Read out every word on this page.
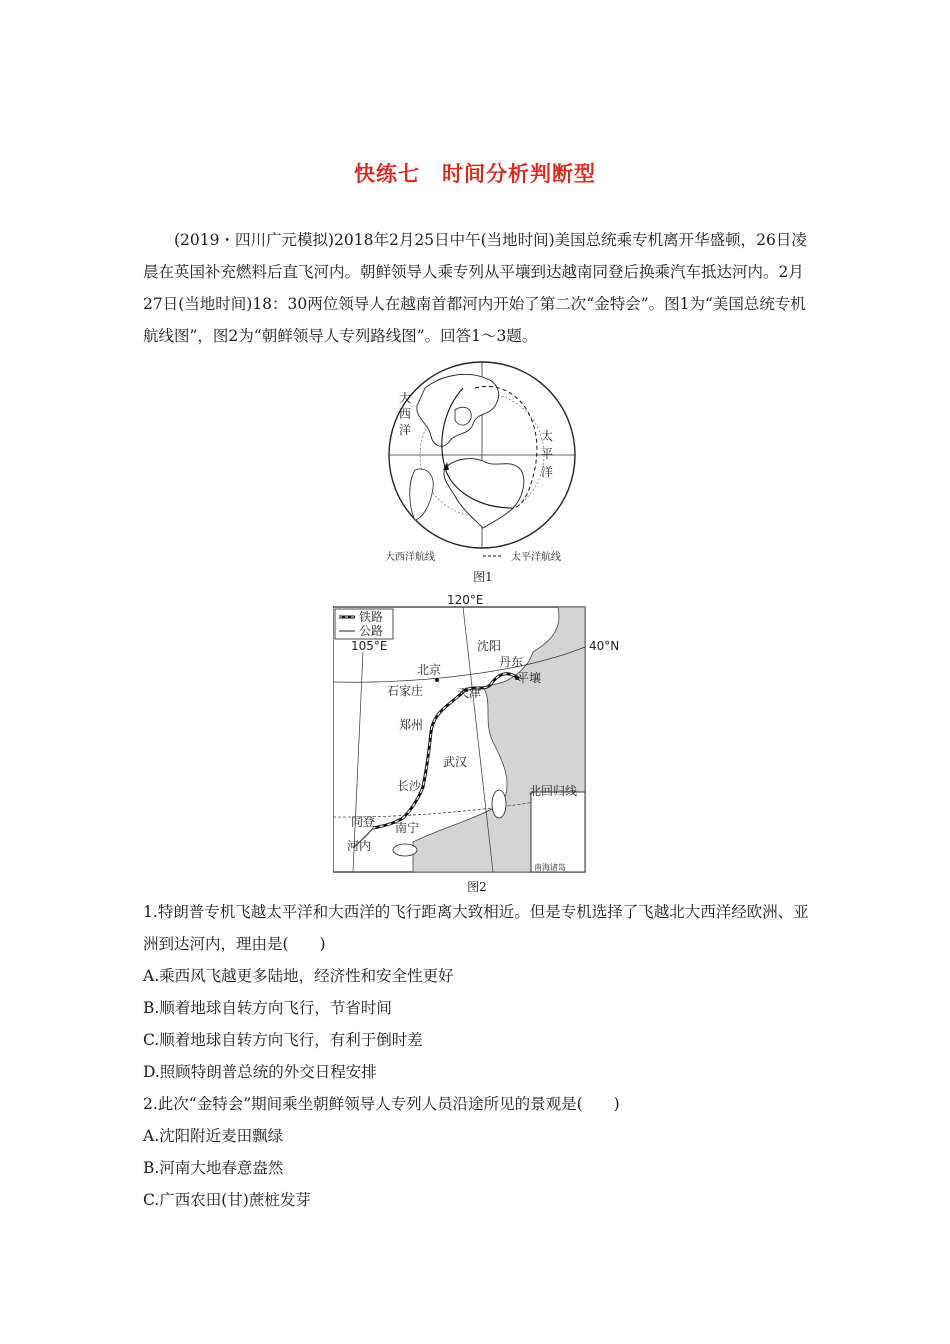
快练七　时间分析判断型
(2019・四川广元模拟)2018年2月25日中午(当地时间)美国总统乘专机离开华盛顿，26日凌晨在英国补充燃料后直飞河内。朝鲜领导人乘专列从平壤到达越南同登后换乘汽车抵达河内。2月27日(当地时间)18：30两位领导人在越南首都河内开始了第二次“金特会”。图1为“美国总统专机航线图”，图2为“朝鲜领导人专列路线图”。回答1～3题。
大
西
洋	太
平
洋
大西洋航线	太平洋航线
图1
南海诸岛
铁路
公路
120°E
105°E	40°N
北回归线
北京
沈阳
丹东
平壤
天津
石家庄
郑州
武汉
长沙
同登 南宁
河内
图2
1.特朗普专机飞越太平洋和大西洋的飞行距离大致相近。但是专机选择了飞越北大西洋经欧洲、亚洲到达河内，理由是(　　)
A.乘西风飞越更多陆地，经济性和安全性更好
B.顺着地球自转方向飞行，节省时间
C.顺着地球自转方向飞行，有利于倒时差
D.照顾特朗普总统的外交日程安排
2.此次“金特会”期间乘坐朝鲜领导人专列人员沿途所见的景观是(　　)
A.沈阳附近麦田飘绿
B.河南大地春意盎然
C.广西农田(甘)蔗桩发芽
